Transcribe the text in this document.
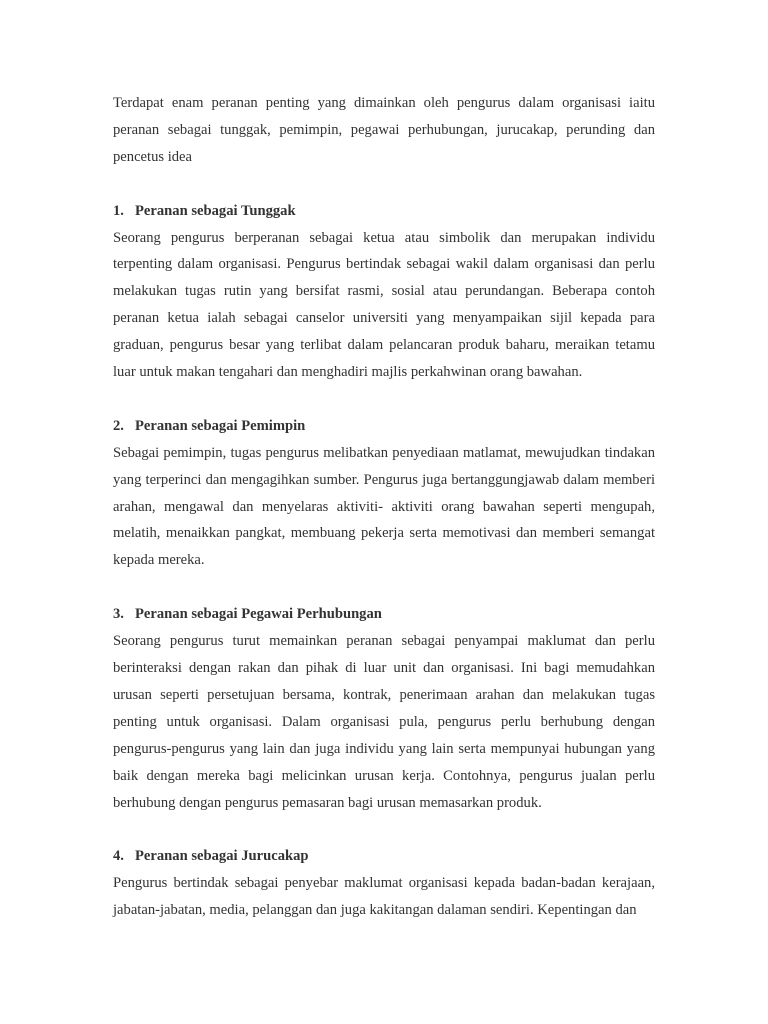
Terdapat enam peranan penting yang dimainkan oleh pengurus dalam organisasi iaitu peranan sebagai tunggak, pemimpin, pegawai perhubungan, jurucakap, perunding dan pencetus idea

1. Peranan sebagai Tunggak

Seorang pengurus berperanan sebagai ketua atau simbolik dan merupakan individu terpenting dalam organisasi. Pengurus bertindak sebagai wakil dalam organisasi dan perlu melakukan tugas rutin yang bersifat rasmi, sosial atau perundangan. Beberapa contoh peranan ketua ialah sebagai canselor universiti yang menyampaikan sijil kepada para graduan, pengurus besar yang terlibat dalam pelancaran produk baharu, meraikan tetamu luar untuk makan tengahari dan menghadiri majlis perkahwinan orang bawahan.

2. Peranan sebagai Pemimpin

Sebagai pemimpin, tugas pengurus melibatkan penyediaan matlamat, mewujudkan tindakan yang terperinci dan mengagihkan sumber. Pengurus juga bertanggungjawab dalam memberi arahan, mengawal dan menyelaras aktiviti- aktiviti orang bawahan seperti mengupah, melatih, menaikkan pangkat, membuang pekerja serta memotivasi dan memberi semangat kepada mereka.

3. Peranan sebagai Pegawai Perhubungan

Seorang pengurus turut memainkan peranan sebagai penyampai maklumat dan perlu berinteraksi dengan rakan dan pihak di luar unit dan organisasi. Ini bagi memudahkan urusan seperti persetujuan bersama, kontrak, penerimaan arahan dan melakukan tugas penting untuk organisasi. Dalam organisasi pula, pengurus perlu berhubung dengan pengurus-pengurus yang lain dan juga individu yang lain serta mempunyai hubungan yang baik dengan mereka bagi melicinkan urusan kerja. Contohnya, pengurus jualan perlu berhubung dengan pengurus pemasaran bagi urusan memasarkan produk.

4. Peranan sebagai Jurucakap

Pengurus bertindak sebagai penyebar maklumat organisasi kepada badan-badan kerajaan, jabatan-jabatan, media, pelanggan dan juga kakitangan dalaman sendiri. Kepentingan dan
